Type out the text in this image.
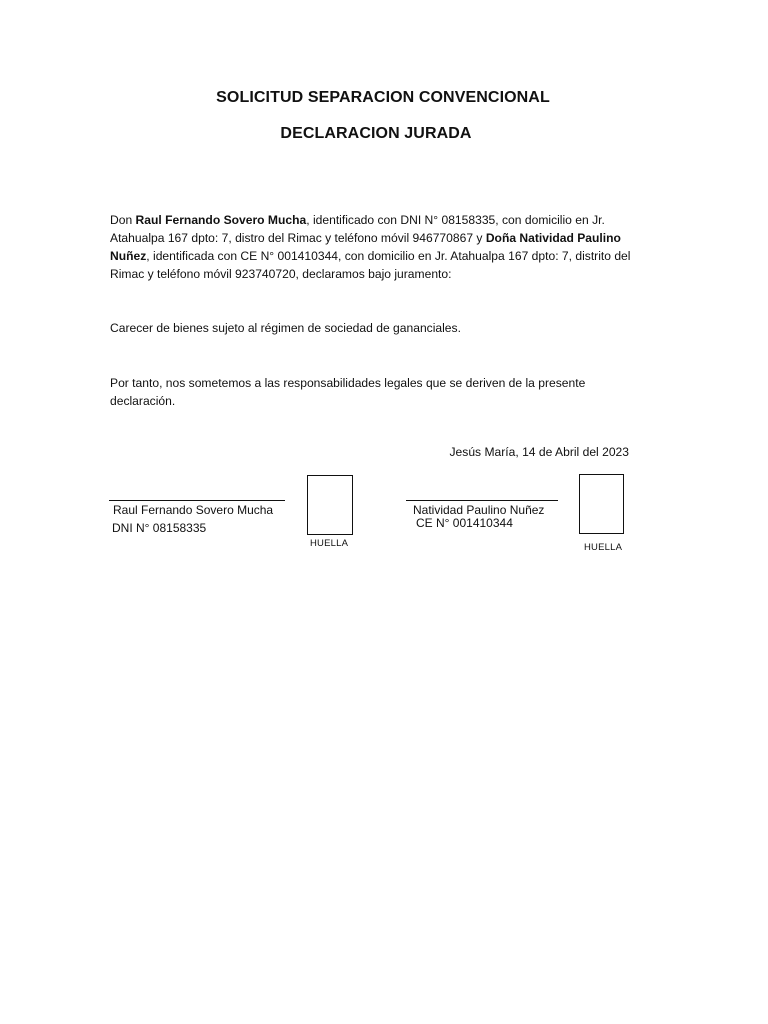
SOLICITUD SEPARACION CONVENCIONAL
DECLARACION JURADA
Don Raul Fernando Sovero Mucha, identificado con DNI N° 08158335, con domicilio en Jr. Atahualpa 167 dpto: 7, distro del Rimac y teléfono móvil 946770867 y Doña Natividad Paulino Nuñez, identificada con CE N° 001410344, con domicilio en Jr. Atahualpa 167 dpto: 7, distrito del Rimac y teléfono móvil 923740720, declaramos bajo juramento:
Carecer de bienes sujeto al régimen de sociedad de gananciales.
Por tanto, nos sometemos a las responsabilidades legales que se deriven de la presente declaración.
Jesús María, 14 de Abril del 2023
Raul Fernando Sovero Mucha
DNI N° 08158335
HUELLA
Natividad Paulino Nuñez
CE N° 001410344
HUELLA
